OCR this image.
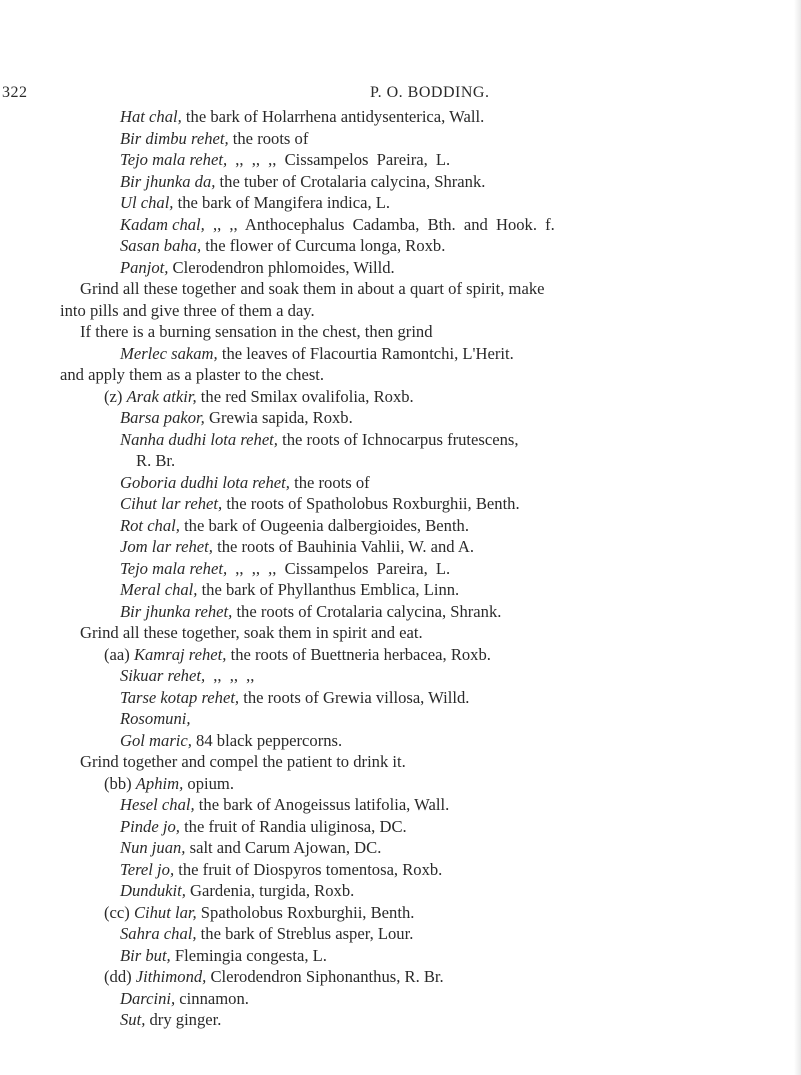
322	P. O. BODDING.
Hat chal, the bark of Holarrhena antidysenterica, Wall.
Bir dimbu rehet, the roots of
Tejo mala rehet, ,, ,, ,, Cissampelos Pareira, L.
Bir jhunka da, the tuber of Crotalaria calycina, Shrank.
Ul chal, the bark of Mangifera indica, L.
Kadam chal, ,, ,, Anthocephalus Cadamba, Bth. and Hook. f.
Sasan baha, the flower of Curcuma longa, Roxb.
Panjot, Clerodendron phlomoides, Willd.
Grind all these together and soak them in about a quart of spirit, make
into pills and give three of them a day.
If there is a burning sensation in the chest, then grind
Merlec sakam, the leaves of Flacourtia Ramontchi, L'Herit.
and apply them as a plaster to the chest.
(z) Arak atkir, the red Smilax ovalifolia, Roxb.
Barsa pakor, Grewia sapida, Roxb.
Nanha dudhi lota rehet, the roots of Ichnocarpus frutescens,
R. Br.
Goboria dudhi lota rehet, the roots of
Cihut lar rehet, the roots of Spatholobus Roxburghii, Benth.
Rot chal, the bark of Ougeenia dalbergioides, Benth.
Jom lar rehet, the roots of Bauhinia Vahlii, W. and A.
Tejo mala rehet, ,, ,, ,, Cissampelos Pareira, L.
Meral chal, the bark of Phyllanthus Emblica, Linn.
Bir jhunka rehet, the roots of Crotalaria calycina, Shrank.
Grind all these together, soak them in spirit and eat.
(aa) Kamraj rehet, the roots of Buettneria herbacea, Roxb.
Sikuar rehet, ,, ,, ,,
Tarse kotap rehet, the roots of Grewia villosa, Willd.
Rosomuni,
Gol maric, 84 black peppercorns.
Grind together and compel the patient to drink it.
(bb) Aphim, opium.
Hesel chal, the bark of Anogeissus latifolia, Wall.
Pinde jo, the fruit of Randia uliginosa, DC.
Nun juan, salt and Carum Ajowan, DC.
Terel jo, the fruit of Diospyros tomentosa, Roxb.
Dundukit, Gardenia, turgida, Roxb.
(cc) Cihut lar, Spatholobus Roxburghii, Benth.
Sahra chal, the bark of Streblus asper, Lour.
Bir but, Flemingia congesta, L.
(dd) Jithimond, Clerodendron Siphonanthus, R. Br.
Darcini, cinnamon.
Sut, dry ginger.
